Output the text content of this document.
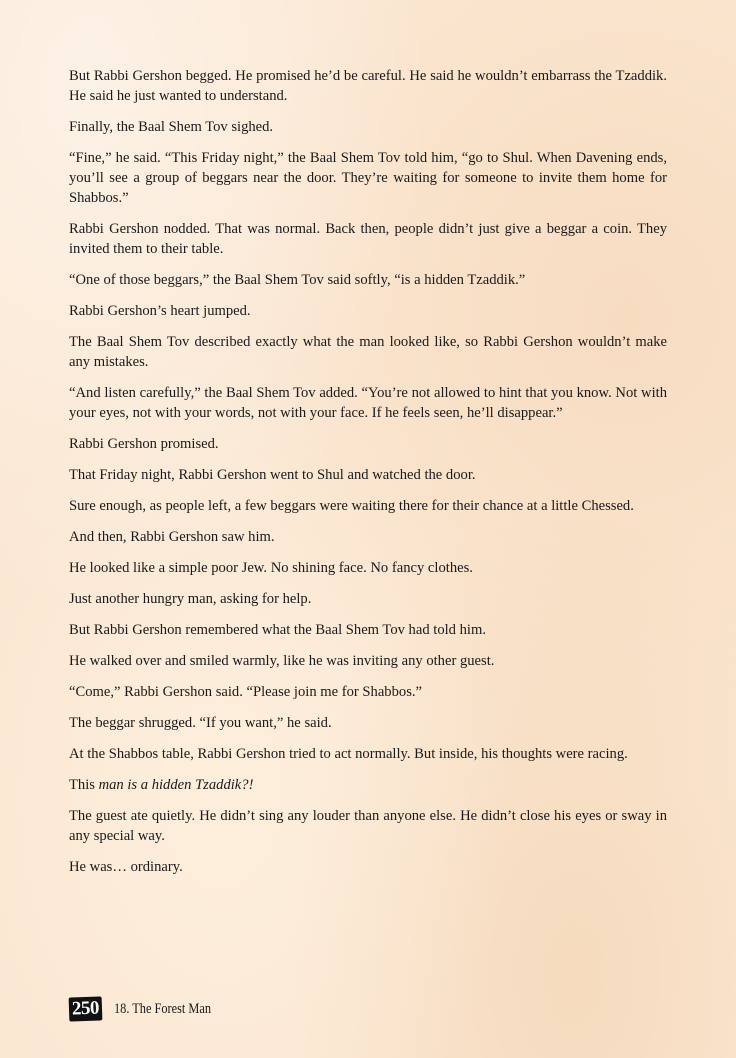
But Rabbi Gershon begged. He promised he’d be careful. He said he wouldn’t embarrass the Tzaddik. He said he just wanted to understand.

Finally, the Baal Shem Tov sighed.

“Fine,” he said. “This Friday night,” the Baal Shem Tov told him, “go to Shul. When Davening ends, you’ll see a group of beggars near the door. They’re waiting for someone to invite them home for Shabbos.”

Rabbi Gershon nodded. That was normal. Back then, people didn’t just give a beggar a coin. They invited them to their table.

“One of those beggars,” the Baal Shem Tov said softly, “is a hidden Tzaddik.”

Rabbi Gershon’s heart jumped.

The Baal Shem Tov described exactly what the man looked like, so Rabbi Gershon wouldn’t make any mistakes.

“And listen carefully,” the Baal Shem Tov added. “You’re not allowed to hint that you know. Not with your eyes, not with your words, not with your face. If he feels seen, he’ll disappear.”

Rabbi Gershon promised.

That Friday night, Rabbi Gershon went to Shul and watched the door.

Sure enough, as people left, a few beggars were waiting there for their chance at a little Chessed.

And then, Rabbi Gershon saw him.

He looked like a simple poor Jew. No shining face. No fancy clothes.

Just another hungry man, asking for help.

But Rabbi Gershon remembered what the Baal Shem Tov had told him.

He walked over and smiled warmly, like he was inviting any other guest.

“Come,” Rabbi Gershon said. “Please join me for Shabbos.”

The beggar shrugged. “If you want,” he said.

At the Shabbos table, Rabbi Gershon tried to act normally. But inside, his thoughts were racing.

This man is a hidden Tzaddik?!

The guest ate quietly. He didn’t sing any louder than anyone else. He didn’t close his eyes or sway in any special way.

He was… ordinary.

250 18. The Forest Man
